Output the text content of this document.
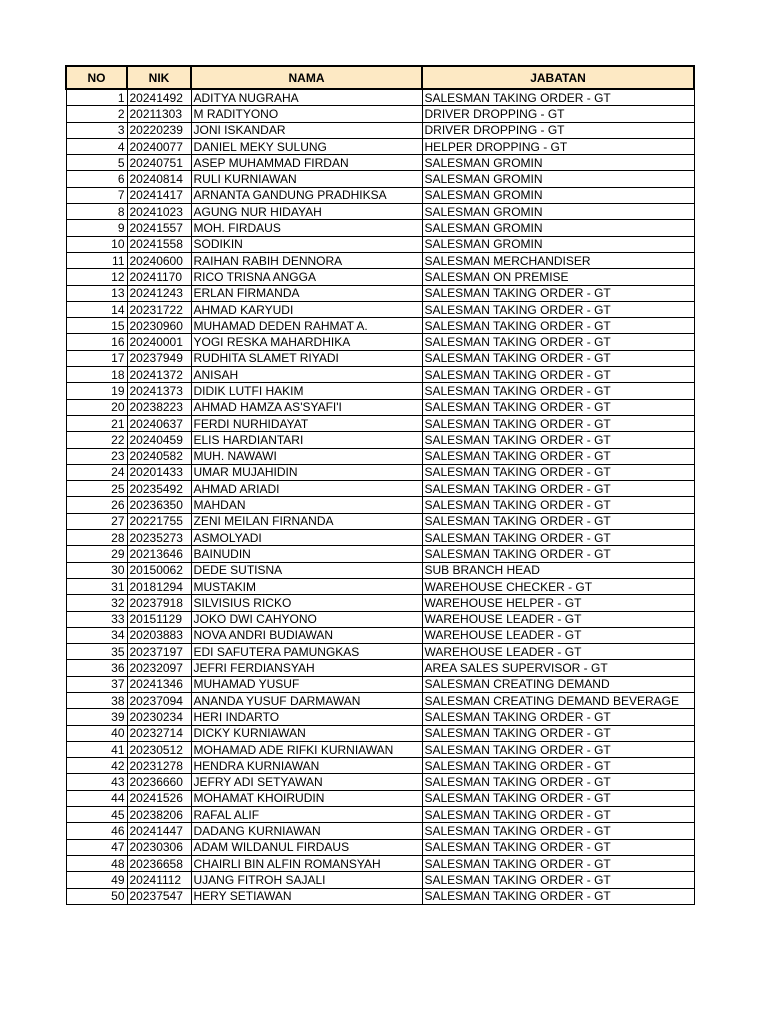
NO	NIK	NAMA	JABATAN
1	20241492	ADITYA NUGRAHA	SALESMAN TAKING ORDER - GT
2	20211303	M RADITYONO	DRIVER DROPPING - GT
3	20220239	JONI ISKANDAR	DRIVER DROPPING - GT
4	20240077	DANIEL MEKY SULUNG	HELPER DROPPING - GT
5	20240751	ASEP MUHAMMAD FIRDAN	SALESMAN GROMIN
6	20240814	RULI KURNIAWAN	SALESMAN GROMIN
7	20241417	ARNANTA GANDUNG PRADHIKSA	SALESMAN GROMIN
8	20241023	AGUNG NUR HIDAYAH	SALESMAN GROMIN
9	20241557	MOH. FIRDAUS	SALESMAN GROMIN
10	20241558	SODIKIN	SALESMAN GROMIN
11	20240600	RAIHAN RABIH DENNORA	SALESMAN MERCHANDISER
12	20241170	RICO TRISNA ANGGA	SALESMAN ON PREMISE
13	20241243	ERLAN FIRMANDA	SALESMAN TAKING ORDER - GT
14	20231722	AHMAD KARYUDI	SALESMAN TAKING ORDER - GT
15	20230960	MUHAMAD DEDEN RAHMAT A.	SALESMAN TAKING ORDER - GT
16	20240001	YOGI RESKA MAHARDHIKA	SALESMAN TAKING ORDER - GT
17	20237949	RUDHITA SLAMET RIYADI	SALESMAN TAKING ORDER - GT
18	20241372	ANISAH	SALESMAN TAKING ORDER - GT
19	20241373	DIDIK LUTFI HAKIM	SALESMAN TAKING ORDER - GT
20	20238223	AHMAD HAMZA AS'SYAFI'I	SALESMAN TAKING ORDER - GT
21	20240637	FERDI NURHIDAYAT	SALESMAN TAKING ORDER - GT
22	20240459	ELIS HARDIANTARI	SALESMAN TAKING ORDER - GT
23	20240582	MUH. NAWAWI	SALESMAN TAKING ORDER - GT
24	20201433	UMAR MUJAHIDIN	SALESMAN TAKING ORDER - GT
25	20235492	AHMAD ARIADI	SALESMAN TAKING ORDER - GT
26	20236350	MAHDAN	SALESMAN TAKING ORDER - GT
27	20221755	ZENI MEILAN FIRNANDA	SALESMAN TAKING ORDER - GT
28	20235273	ASMOLYADI	SALESMAN TAKING ORDER - GT
29	20213646	BAINUDIN	SALESMAN TAKING ORDER - GT
30	20150062	DEDE SUTISNA	SUB BRANCH HEAD
31	20181294	MUSTAKIM	WAREHOUSE CHECKER - GT
32	20237918	SILVISIUS RICKO	WAREHOUSE HELPER - GT
33	20151129	JOKO DWI CAHYONO	WAREHOUSE LEADER - GT
34	20203883	NOVA ANDRI BUDIAWAN	WAREHOUSE LEADER - GT
35	20237197	EDI SAFUTERA PAMUNGKAS	WAREHOUSE LEADER - GT
36	20232097	JEFRI FERDIANSYAH	AREA SALES SUPERVISOR - GT
37	20241346	MUHAMAD YUSUF	SALESMAN CREATING DEMAND
38	20237094	ANANDA YUSUF DARMAWAN	SALESMAN CREATING DEMAND BEVERAGE
39	20230234	HERI INDARTO	SALESMAN TAKING ORDER - GT
40	20232714	DICKY KURNIAWAN	SALESMAN TAKING ORDER - GT
41	20230512	MOHAMAD ADE RIFKI KURNIAWAN	SALESMAN TAKING ORDER - GT
42	20231278	HENDRA KURNIAWAN	SALESMAN TAKING ORDER - GT
43	20236660	JEFRY ADI SETYAWAN	SALESMAN TAKING ORDER - GT
44	20241526	MOHAMAT KHOIRUDIN	SALESMAN TAKING ORDER - GT
45	20238206	RAFAL ALIF	SALESMAN TAKING ORDER - GT
46	20241447	DADANG KURNIAWAN	SALESMAN TAKING ORDER - GT
47	20230306	ADAM WILDANUL FIRDAUS	SALESMAN TAKING ORDER - GT
48	20236658	CHAIRLI BIN ALFIN ROMANSYAH	SALESMAN TAKING ORDER - GT
49	20241112	UJANG FITROH SAJALI	SALESMAN TAKING ORDER - GT
50	20237547	HERY SETIAWAN	SALESMAN TAKING ORDER - GT
